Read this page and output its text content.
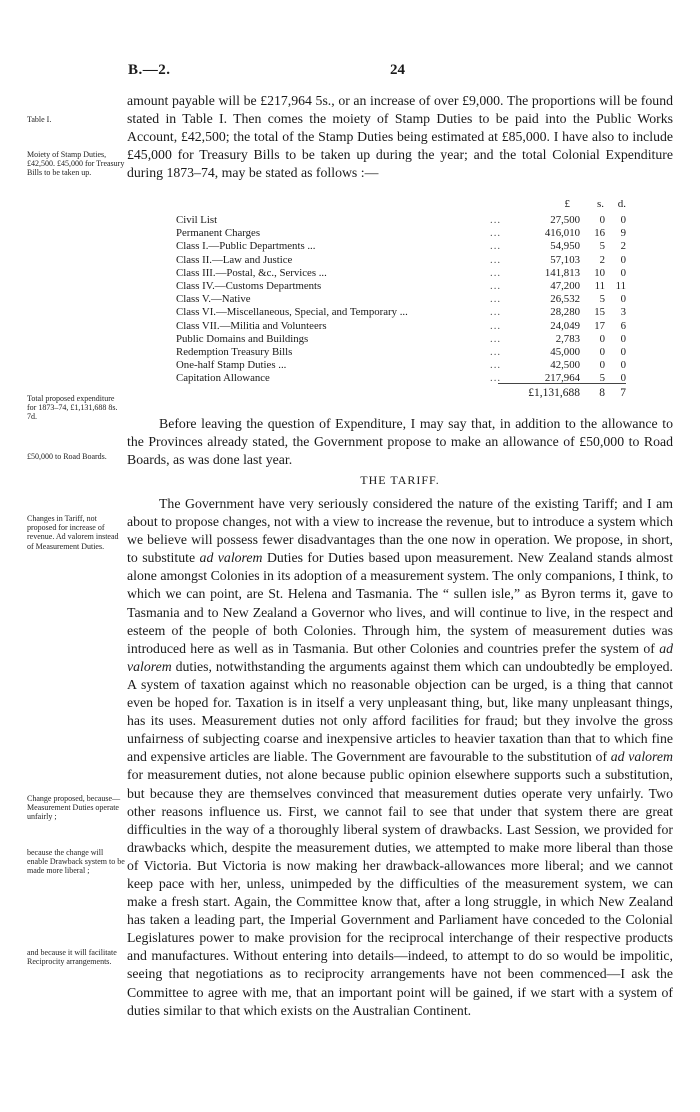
B.—2.	24
Table I.
Moiety of Stamp Duties, £42,500. £45,000 for Treasury Bills to be taken up.
Total proposed expenditure for 1873–74, £1,131,688 8s. 7d.
£50,000 to Road Boards.
Changes in Tariff, not proposed for increase of revenue. Ad valorem instead of Measurement Duties.
Change proposed, because— Measurement Duties operate unfairly ;
because the change will enable Drawback system to be made more liberal ;
and because it will facilitate Reciprocity arrangements.

amount payable will be £217,964 5s., or an increase of over £9,000. The proportions will be found stated in Table I. Then comes the moiety of Stamp Duties to be paid into the Public Works Account, £42,500; the total of the Stamp Duties being estimated at £85,000. I have also to include £45,000 for Treasury Bills to be taken up during the year; and the total Colonial Expenditure during 1873–74, may be stated as follows :—

£ s. d.
Civil List	...	27,500	0	0
Permanent Charges	...	416,010	16	9
Class I.—Public Departments ...	...	54,950	5	2
Class II.—Law and Justice	...	57,103	2	0
Class III.—Postal, &c., Services ...	...	141,813	10	0
Class IV.—Customs Departments	...	47,200	11 11
Class V.—Native	...	26,532	5	0
Class VI.—Miscellaneous, Special, and Temporary ...	...	28,280	15	3
Class VII.—Militia and Volunteers	...	24,049	17	6
Public Domains and Buildings	...	2,783	0	0
Redemption Treasury Bills	...	45,000	0	0
One-half Stamp Duties ...	...	42,500	0	0
Capitation Allowance	...	217,964	5	0
£1,131,688 8 7

Before leaving the question of Expenditure, I may say that, in addition to the allowance to the Provinces already stated, the Government propose to make an allowance of £50,000 to Road Boards, as was done last year.

THE TARIFF.

The Government have very seriously considered the nature of the existing Tariff; and I am about to propose changes, not with a view to increase the revenue, but to introduce a system which we believe will possess fewer disadvantages than the one now in operation. We propose, in short, to substitute ad valorem Duties for Duties based upon measurement. New Zealand stands almost alone amongst Colonies in its adoption of a measurement system. The only companions, I think, to which we can point, are St. Helena and Tasmania. The “ sullen isle,” as Byron terms it, gave to Tasmania and to New Zealand a Governor who lives, and will continue to live, in the respect and esteem of the people of both Colonies. Through him, the system of measurement duties was introduced here as well as in Tasmania. But other Colonies and countries prefer the system of ad valorem duties, notwithstanding the arguments against them which can undoubtedly be employed. A system of taxation against which no reasonable objection can be urged, is a thing that cannot even be hoped for. Taxation is in itself a very unpleasant thing, but, like many unpleasant things, has its uses. Measurement duties not only afford facilities for fraud; but they involve the gross unfairness of subjecting coarse and inexpensive articles to heavier taxation than that to which fine and expensive articles are liable. The Government are favourable to the substitution of ad valorem for measurement duties, not alone because public opinion elsewhere supports such a substitution, but because they are themselves convinced that measurement duties operate very unfairly. Two other reasons influence us. First, we cannot fail to see that under that system there are great difficulties in the way of a thoroughly liberal system of drawbacks. Last Session, we provided for drawbacks which, despite the measurement duties, we attempted to make more liberal than those of Victoria. But Victoria is now making her drawback-allowances more liberal; and we cannot keep pace with her, unless, unimpeded by the difficulties of the measurement system, we can make a fresh start. Again, the Committee know that, after a long struggle, in which New Zealand has taken a leading part, the Imperial Government and Parliament have conceded to the Colonial Legislatures power to make provision for the reciprocal interchange of their respective products and manufactures. Without entering into details—indeed, to attempt to do so would be impolitic, seeing that negotiations as to reciprocity arrangements have not been commenced—I ask the Committee to agree with me, that an important point will be gained, if we start with a system of duties similar to that which exists on the Australian Continent.
